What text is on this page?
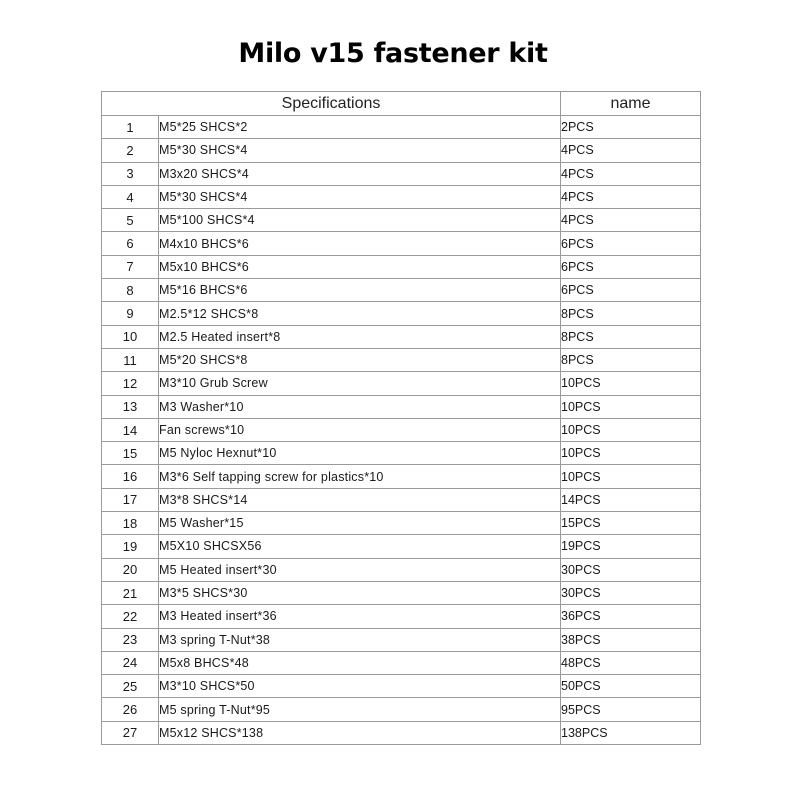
Milo v15 fastener kit
Specifications		name
1	M5*25 SHCS*2	2PCS
2	M5*30 SHCS*4	4PCS
3	M3x20 SHCS*4	4PCS
4	M5*30 SHCS*4	4PCS
5	M5*100 SHCS*4	4PCS
6	M4x10 BHCS*6	6PCS
7	M5x10 BHCS*6	6PCS
8	M5*16 BHCS*6	6PCS
9	M2.5*12 SHCS*8	8PCS
10	M2.5 Heated insert*8	8PCS
11	M5*20 SHCS*8	8PCS
12	M3*10 Grub Screw	10PCS
13	M3 Washer*10	10PCS
14	Fan screws*10	10PCS
15	M5 Nyloc Hexnut*10	10PCS
16	M3*6 Self tapping screw for plastics*10	10PCS
17	M3*8 SHCS*14	14PCS
18	M5 Washer*15	15PCS
19	M5X10 SHCSX56	19PCS
20	M5 Heated insert*30	30PCS
21	M3*5 SHCS*30	30PCS
22	M3 Heated insert*36	36PCS
23	M3 spring T-Nut*38	38PCS
24	M5x8 BHCS*48	48PCS
25	M3*10 SHCS*50	50PCS
26	M5 spring T-Nut*95	95PCS
27	M5x12 SHCS*138	138PCS
